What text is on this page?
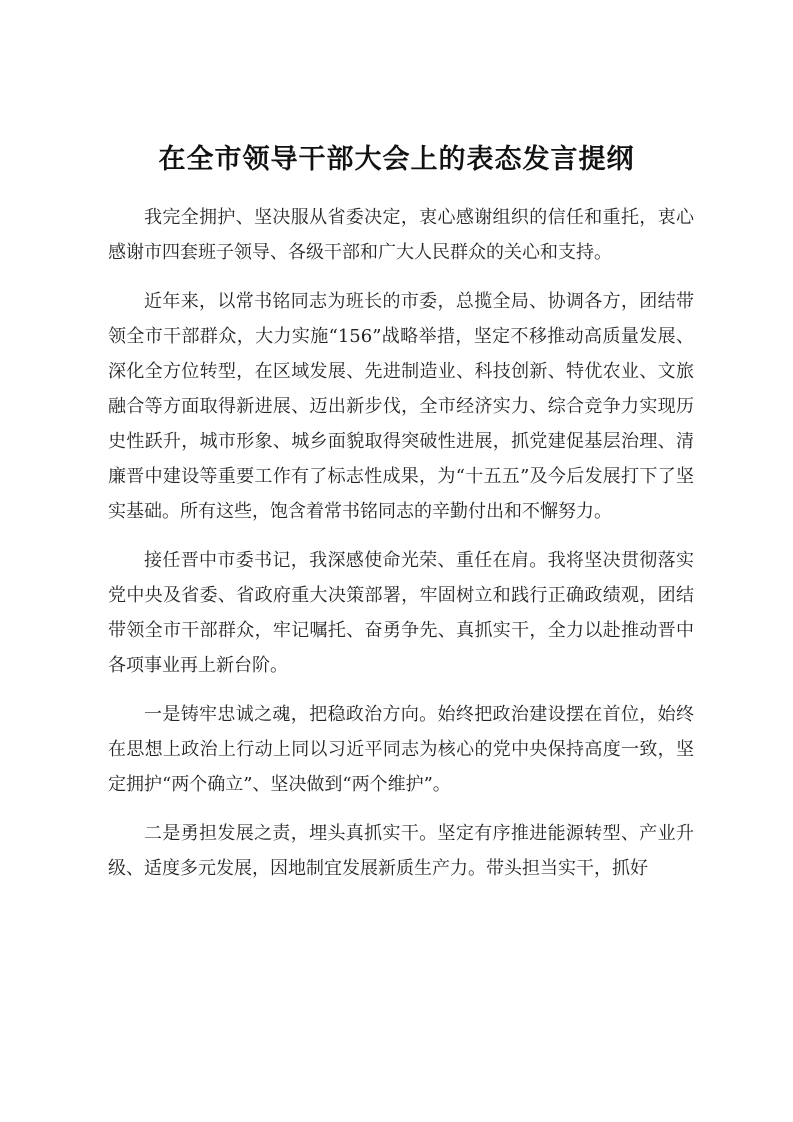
在全市领导干部大会上的表态发言提纲

我完全拥护、坚决服从省委决定，衷心感谢组织的信任和重托，衷心感谢市四套班子领导、各级干部和广大人民群众的关心和支持。

近年来，以常书铭同志为班长的市委，总揽全局、协调各方，团结带领全市干部群众，大力实施“156”战略举措，坚定不移推动高质量发展、深化全方位转型，在区域发展、先进制造业、科技创新、特优农业、文旅融合等方面取得新进展、迈出新步伐，全市经济实力、综合竞争力实现历史性跃升，城市形象、城乡面貌取得突破性进展，抓党建促基层治理、清廉晋中建设等重要工作有了标志性成果，为“十五五”及今后发展打下了坚实基础。所有这些，饱含着常书铭同志的辛勤付出和不懈努力。

接任晋中市委书记，我深感使命光荣、重任在肩。我将坚决贯彻落实党中央及省委、省政府重大决策部署，牢固树立和践行正确政绩观，团结带领全市干部群众，牢记嘱托、奋勇争先、真抓实干，全力以赴推动晋中各项事业再上新台阶。

一是铸牢忠诚之魂，把稳政治方向。始终把政治建设摆在首位，始终在思想上政治上行动上同以习近平同志为核心的党中央保持高度一致，坚定拥护“两个确立”、坚决做到“两个维护”。

二是勇担发展之责，埋头真抓实干。坚定有序推进能源转型、产业升级、适度多元发展，因地制宜发展新质生产力。带头担当实干，抓好
